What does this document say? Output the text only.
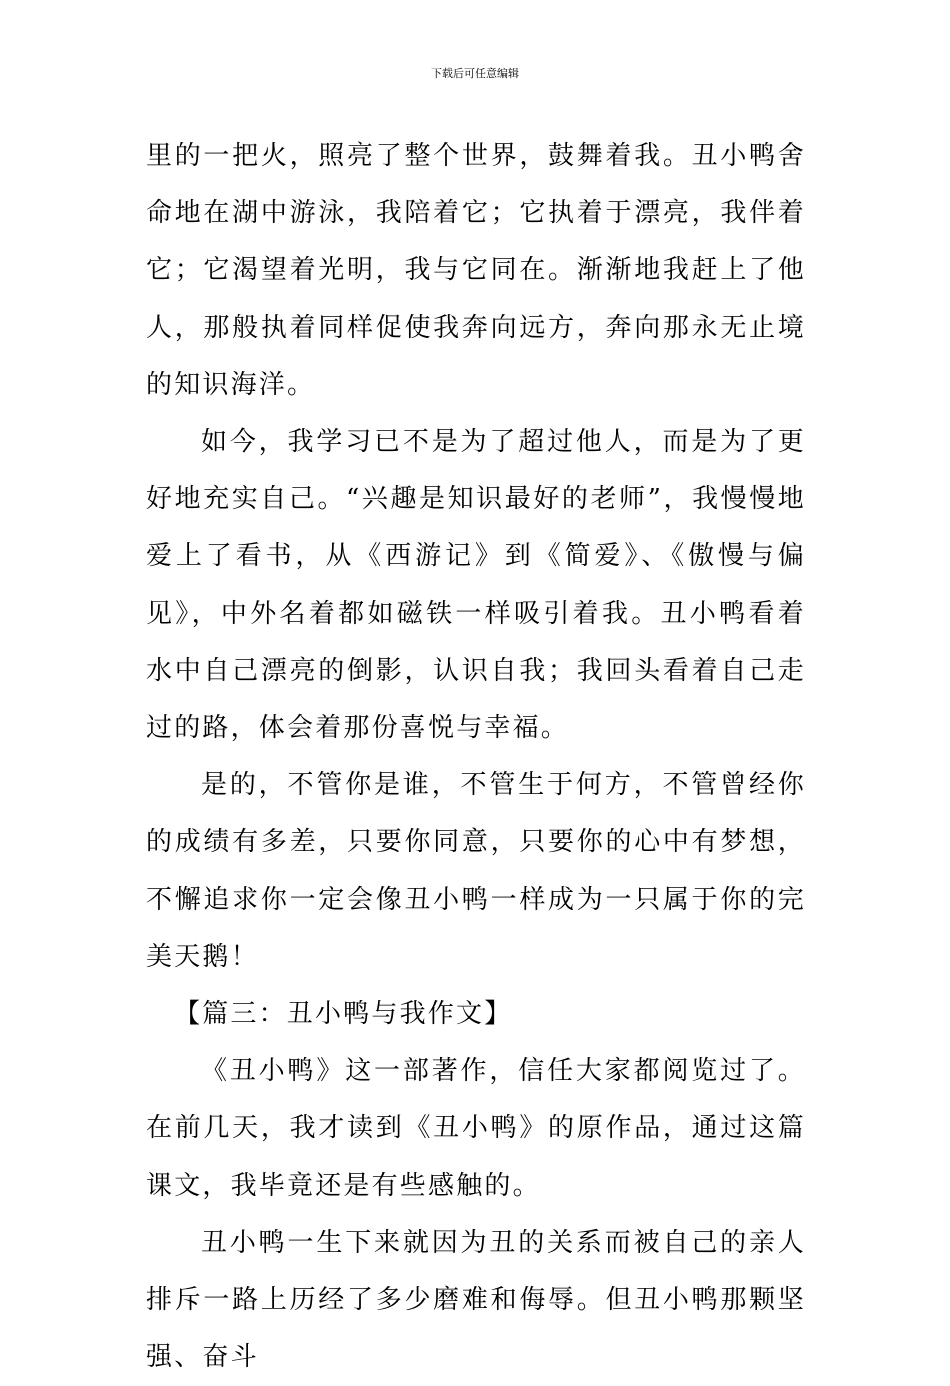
下载后可任意编辑

里的一把火，照亮了整个世界，鼓舞着我。丑小鸭舍命地在湖中游泳，我陪着它；它执着于漂亮，我伴着它；它渴望着光明，我与它同在。渐渐地我赶上了他人，那般执着同样促使我奔向远方，奔向那永无止境的知识海洋。

如今，我学习已不是为了超过他人，而是为了更好地充实自己。“兴趣是知识最好的老师”，我慢慢地爱上了看书，从《西游记》到《简爱》、《傲慢与偏见》，中外名着都如磁铁一样吸引着我。丑小鸭看着水中自己漂亮的倒影，认识自我；我回头看着自己走过的路，体会着那份喜悦与幸福。

是的，不管你是谁，不管生于何方，不管曾经你的成绩有多差，只要你同意，只要你的心中有梦想，不懈追求你一定会像丑小鸭一样成为一只属于你的完美天鹅！

【篇三：丑小鸭与我作文】

《丑小鸭》这一部著作，信任大家都阅览过了。在前几天，我才读到《丑小鸭》的原作品，通过这篇课文，我毕竟还是有些感触的。

丑小鸭一生下来就因为丑的关系而被自己的亲人排斥一路上历经了多少磨难和侮辱。但丑小鸭那颗坚强、奋斗
